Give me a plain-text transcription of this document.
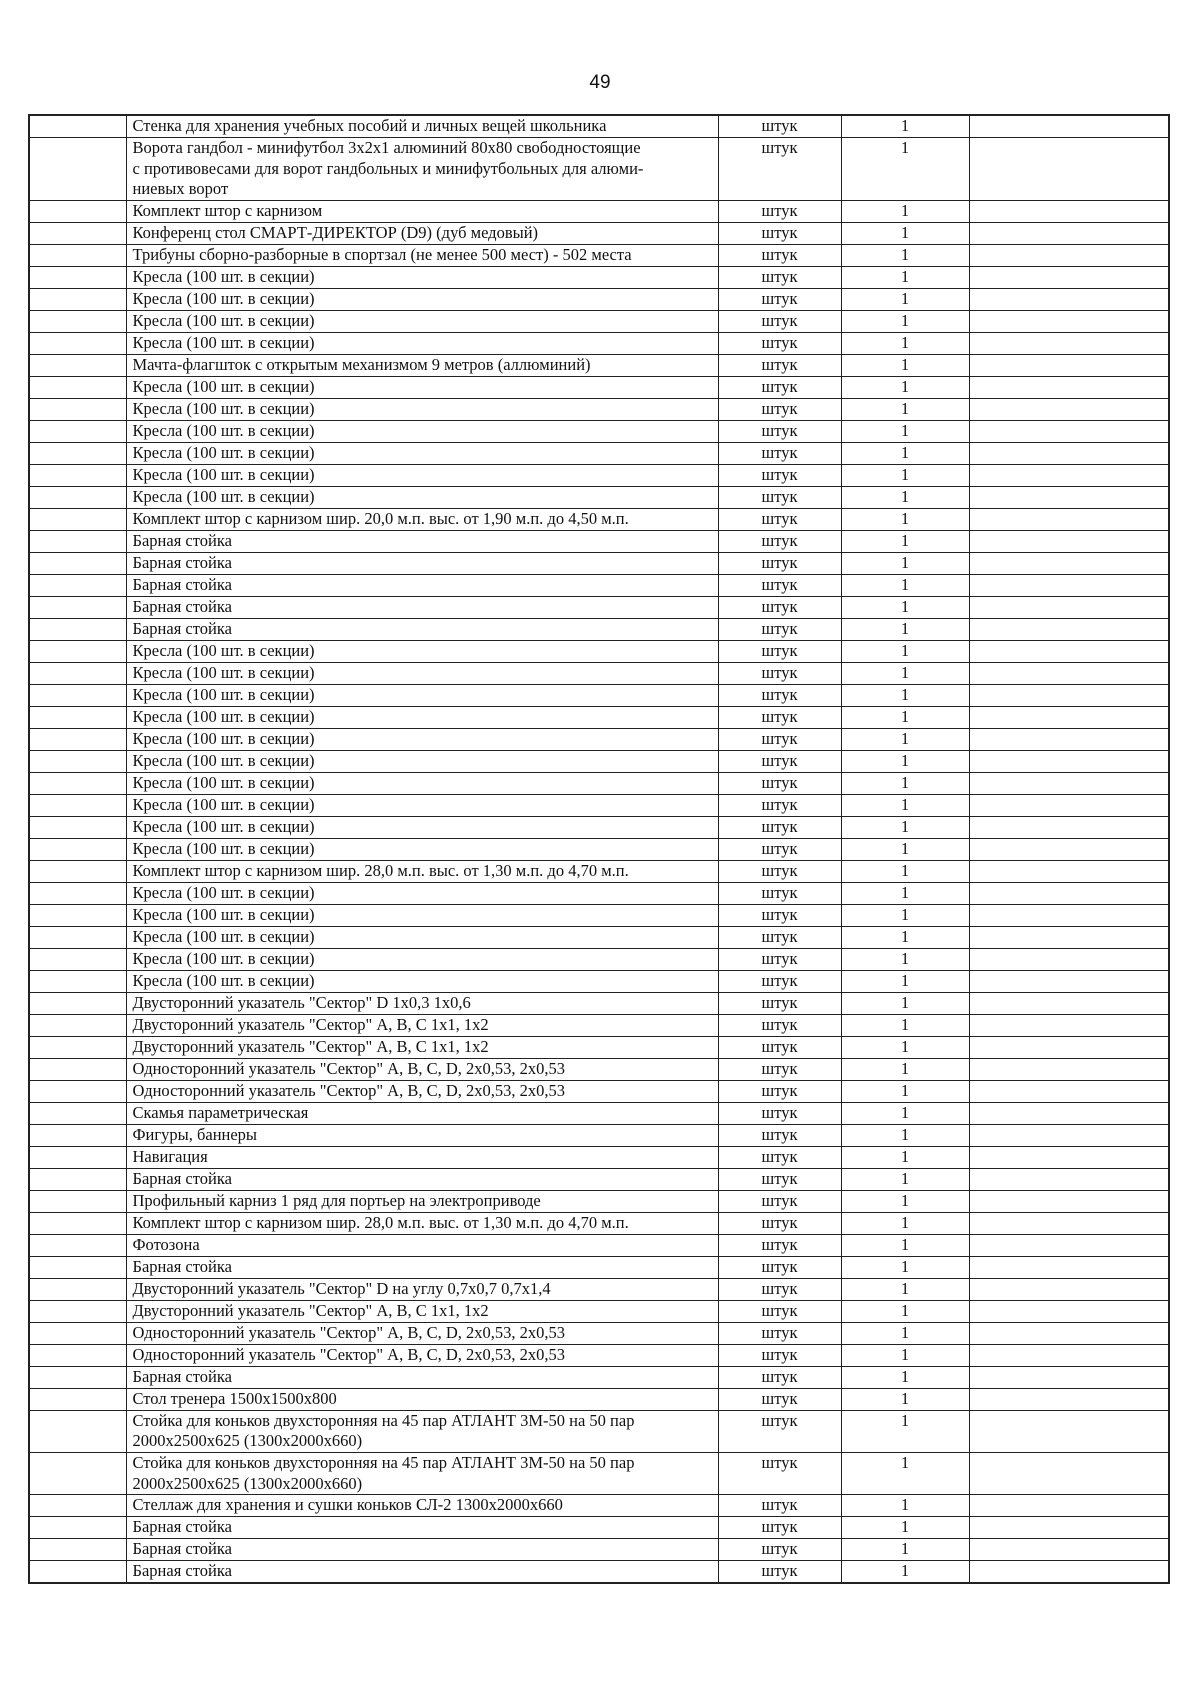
49
	Стенка для хранения учебных пособий и личных вещей школьника	штук	1	
	Ворота гандбол - минифутбол 3х2х1 алюминий 80х80 свободностоящие
с противовесами для ворот гандбольных и минифутбольных для алюми-
ниевых ворот	штук	1	
	Комплект штор с карнизом	штук	1	
	Конференц стол СМАРТ-ДИРЕКТОР (D9) (дуб медовый)	штук	1	
	Трибуны сборно-разборные в спортзал (не менее 500 мест) - 502 места	штук	1	
	Кресла (100 шт. в секции)	штук	1	
	Кресла (100 шт. в секции)	штук	1	
	Кресла (100 шт. в секции)	штук	1	
	Кресла (100 шт. в секции)	штук	1	
	Мачта-флагшток с открытым механизмом 9 метров (аллюминий)	штук	1	
	Кресла (100 шт. в секции)	штук	1	
	Кресла (100 шт. в секции)	штук	1	
	Кресла (100 шт. в секции)	штук	1	
	Кресла (100 шт. в секции)	штук	1	
	Кресла (100 шт. в секции)	штук	1	
	Кресла (100 шт. в секции)	штук	1	
	Комплект штор с карнизом шир. 20,0 м.п. выс. от 1,90 м.п. до 4,50 м.п.	штук	1	
	Барная стойка	штук	1	
	Барная стойка	штук	1	
	Барная стойка	штук	1	
	Барная стойка	штук	1	
	Барная стойка	штук	1	
	Кресла (100 шт. в секции)	штук	1	
	Кресла (100 шт. в секции)	штук	1	
	Кресла (100 шт. в секции)	штук	1	
	Кресла (100 шт. в секции)	штук	1	
	Кресла (100 шт. в секции)	штук	1	
	Кресла (100 шт. в секции)	штук	1	
	Кресла (100 шт. в секции)	штук	1	
	Кресла (100 шт. в секции)	штук	1	
	Кресла (100 шт. в секции)	штук	1	
	Кресла (100 шт. в секции)	штук	1	
	Комплект штор с карнизом шир. 28,0 м.п. выс. от 1,30 м.п. до 4,70 м.п.	штук	1	
	Кресла (100 шт. в секции)	штук	1	
	Кресла (100 шт. в секции)	штук	1	
	Кресла (100 шт. в секции)	штук	1	
	Кресла (100 шт. в секции)	штук	1	
	Кресла (100 шт. в секции)	штук	1	
	Двусторонний указатель "Сектор" D 1х0,3 1х0,6	штук	1	
	Двусторонний указатель "Сектор" A, B, C 1х1, 1х2	штук	1	
	Двусторонний указатель "Сектор" A, B, C 1х1, 1х2	штук	1	
	Односторонний указатель "Сектор" A, B, C, D, 2х0,53, 2х0,53	штук	1	
	Односторонний указатель "Сектор" A, B, C, D, 2х0,53, 2х0,53	штук	1	
	Скамья параметрическая	штук	1	
	Фигуры, баннеры	штук	1	
	Навигация	штук	1	
	Барная стойка	штук	1	
	Профильный карниз 1 ряд для портьер на электроприводе	штук	1	
	Комплект штор с карнизом шир. 28,0 м.п. выс. от 1,30 м.п. до 4,70 м.п.	штук	1	
	Фотозона	штук	1	
	Барная стойка	штук	1	
	Двусторонний указатель "Сектор" D на углу 0,7х0,7 0,7х1,4	штук	1	
	Двусторонний указатель "Сектор" A, B, C 1х1, 1х2	штук	1	
	Односторонний указатель "Сектор" A, B, C, D, 2х0,53, 2х0,53	штук	1	
	Односторонний указатель "Сектор" A, B, C, D, 2х0,53, 2х0,53	штук	1	
	Барная стойка	штук	1	
	Стол тренера 1500х1500х800	штук	1	
	Стойка для коньков двухсторонняя на 45 пар АТЛАНТ 3М-50 на 50 пар
2000х2500х625 (1300х2000х660)	штук	1	
	Стойка для коньков двухсторонняя на 45 пар АТЛАНТ 3М-50 на 50 пар
2000х2500х625 (1300х2000х660)	штук	1	
	Стеллаж для хранения и сушки коньков СЛ-2 1300х2000х660	штук	1	
	Барная стойка	штук	1	
	Барная стойка	штук	1	
	Барная стойка	штук	1	
